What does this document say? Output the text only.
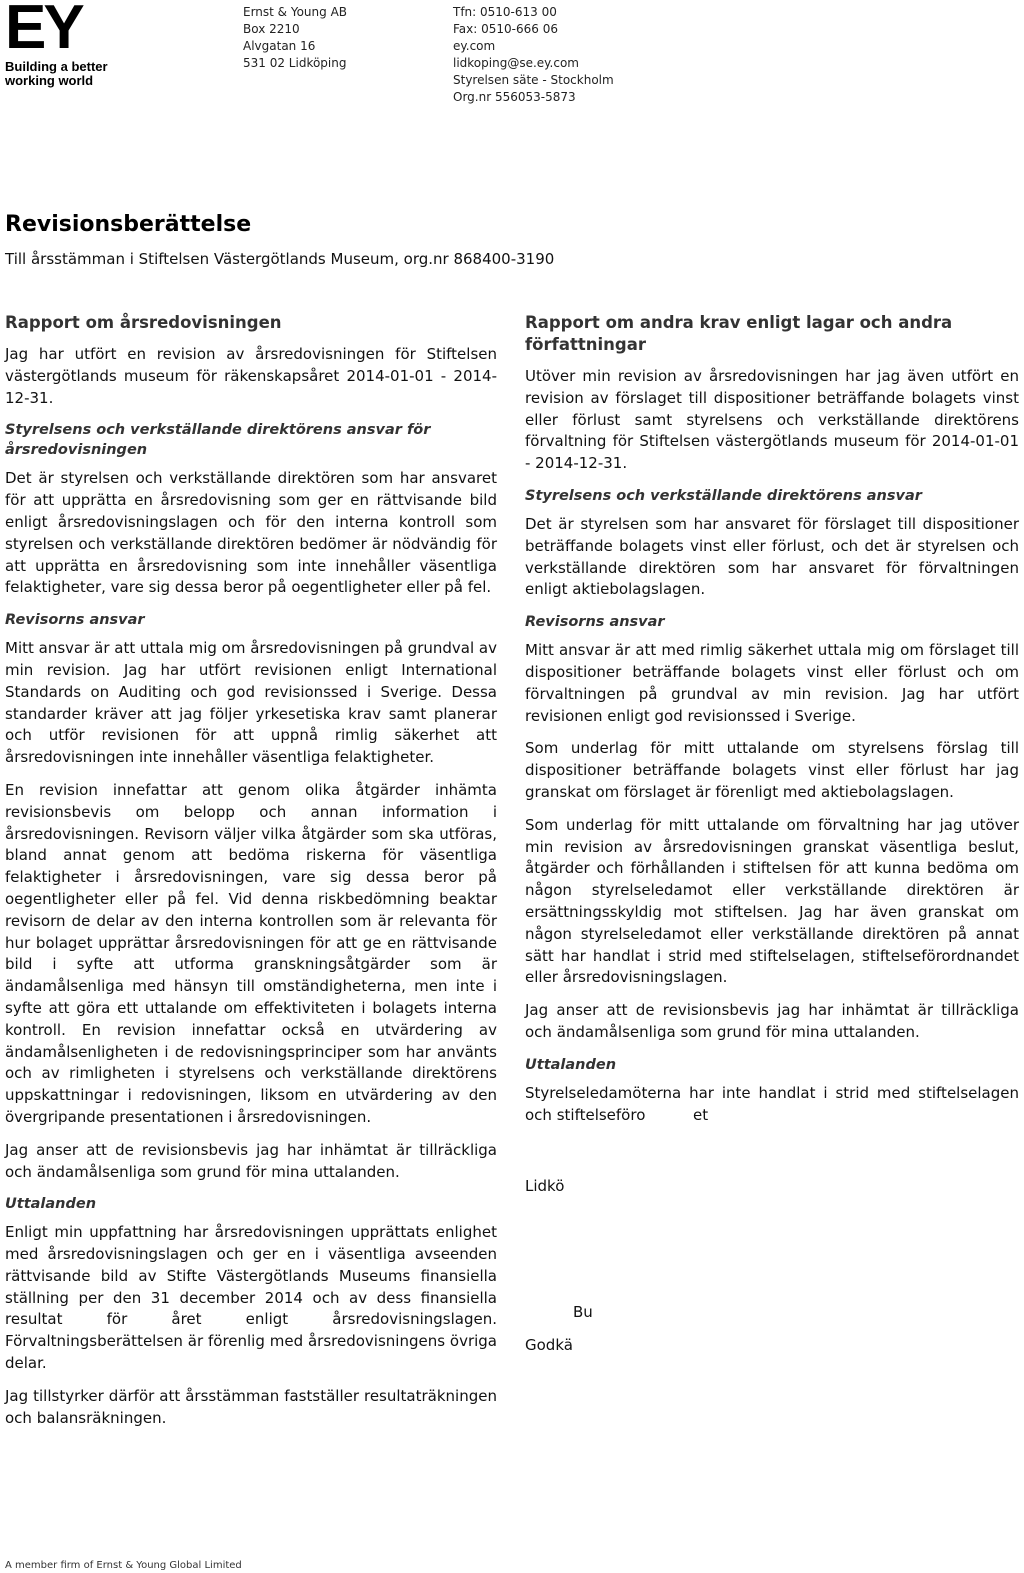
EY
Building a better
working world
Ernst & Young AB
Box 2210
Alvgatan 16
531 02 Lidköping
Tfn: 0510-613 00
Fax: 0510-666 06
ey.com
lidkoping@se.ey.com
Styrelsen säte - Stockholm
Org.nr 556053-5873
Revisionsberättelse

Till årsstämman i Stiftelsen Västergötlands Museum, org.nr 868400-3190

Rapport om årsredovisningen

Jag har utfört en revision av årsredovisningen för Stiftelsen västergötlands museum för räkenskapsåret 2014-01-01 - 2014-12-31.

Styrelsens och verkställande direktörens ansvar för årsredovisningen

Det är styrelsen och verkställande direktören som har ansvaret för att upprätta en årsredovisning som ger en rättvisande bild enligt årsredovisningslagen och för den interna kontroll som styrelsen och verkställande direktören bedömer är nödvändig för att upprätta en årsredovisning som inte innehåller väsentliga felaktigheter, vare sig dessa beror på oegentligheter eller på fel.

Revisorns ansvar

Mitt ansvar är att uttala mig om årsredovisningen på grundval av min revision. Jag har utfört revisionen enligt International Standards on Auditing och god revisionssed i Sverige. Dessa standarder kräver att jag följer yrkesetiska krav samt planerar och utför revisionen för att uppnå rimlig säkerhet att årsredovisningen inte innehåller väsentliga felaktigheter.

En revision innefattar att genom olika åtgärder inhämta revisionsbevis om belopp och annan information i årsredovisningen. Revisorn väljer vilka åtgärder som ska utföras, bland annat genom att bedöma riskerna för väsentliga felaktigheter i årsredovisningen, vare sig dessa beror på oegentligheter eller på fel. Vid denna riskbedömning beaktar revisorn de delar av den interna kontrollen som är relevanta för hur bolaget upprättar årsredovisningen för att ge en rättvisande bild i syfte att utforma granskningsåtgärder som är ändamålsenliga med hänsyn till omständigheterna, men inte i syfte att göra ett uttalande om effektiviteten i bolagets interna kontroll. En revision innefattar också en utvärdering av ändamålsenligheten i de redovisningsprinciper som har använts och av rimligheten i styrelsens och verkställande direktörens uppskattningar i redovisningen, liksom en utvärdering av den övergripande presentationen i årsredovisningen.

Jag anser att de revisionsbevis jag har inhämtat är tillräckliga och ändamålsenliga som grund för mina uttalanden.

Uttalanden

Enligt min uppfattning har årsredovisningen upprättats enlighet med årsredovisningslagen och ger en i väsentliga avseenden rättvisande bild av Stifte Västergötlands Museums finansiella ställning per den 31 december 2014 och av dess finansiella resultat för året enligt årsredovisningslagen. Förvaltningsberättelsen är förenlig med årsredovisningens övriga delar.

Jag tillstyrker därför att årsstämman fastställer resultaträkningen och balansräkningen.

Rapport om andra krav enligt lagar och andra författningar

Utöver min revision av årsredovisningen har jag även utfört en revision av förslaget till dispositioner beträffande bolagets vinst eller förlust samt styrelsens och verkställande direktörens förvaltning för Stiftelsen västergötlands museum för 2014-01-01 - 2014-12-31.

Styrelsens och verkställande direktörens ansvar

Det är styrelsen som har ansvaret för förslaget till dispositioner beträffande bolagets vinst eller förlust, och det är styrelsen och verkställande direktören som har ansvaret för förvaltningen enligt aktiebolagslagen.

Revisorns ansvar

Mitt ansvar är att med rimlig säkerhet uttala mig om förslaget till dispositioner beträffande bolagets vinst eller förlust och om förvaltningen på grundval av min revision. Jag har utfört revisionen enligt god revisionssed i Sverige.

Som underlag för mitt uttalande om styrelsens förslag till dispositioner beträffande bolagets vinst eller förlust har jag granskat om förslaget är förenligt med aktiebolagslagen.

Som underlag för mitt uttalande om förvaltning har jag utöver min revision av årsredovisningen granskat väsentliga beslut, åtgärder och förhållanden i stiftelsen för att kunna bedöma om någon styrelseledamot eller verkställande direktören är ersättningsskyldig mot stiftelsen. Jag har även granskat om någon styrelseledamot eller verkställande direktören på annat sätt har handlat i strid med stiftelselagen, stiftelseförordnandet eller årsredovisningslagen.

Jag anser att de revisionsbevis jag har inhämtat är tillräckliga och ändamålsenliga som grund för mina uttalanden.

Uttalanden

Styrelseledamöterna har inte handlat i strid med stiftelselagen och stiftelseföro          et

Lidkö

Bu

Godkä

A member firm of Ernst & Young Global Limited
